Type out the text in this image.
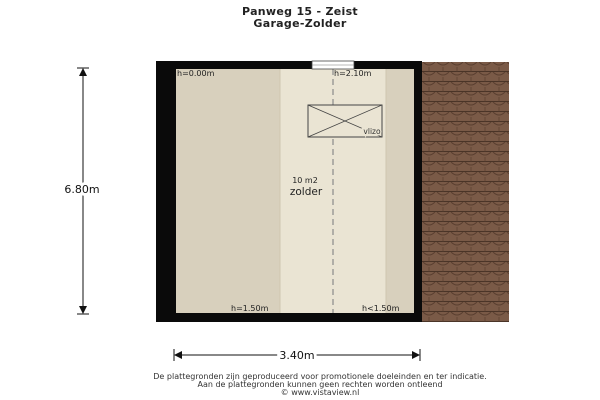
Panweg 15 - Zeist
Garage-Zolder
6.80m
3.40m
h=0.00m	h=2.10m
h=1.50m	h<1.50m
vlizo
10 m2
zolder
De plattegronden zijn geproduceerd voor promotionele doeleinden en ter indicatie.
Aan de plattegronden kunnen geen rechten worden ontleend
© www.vistaview.nl
